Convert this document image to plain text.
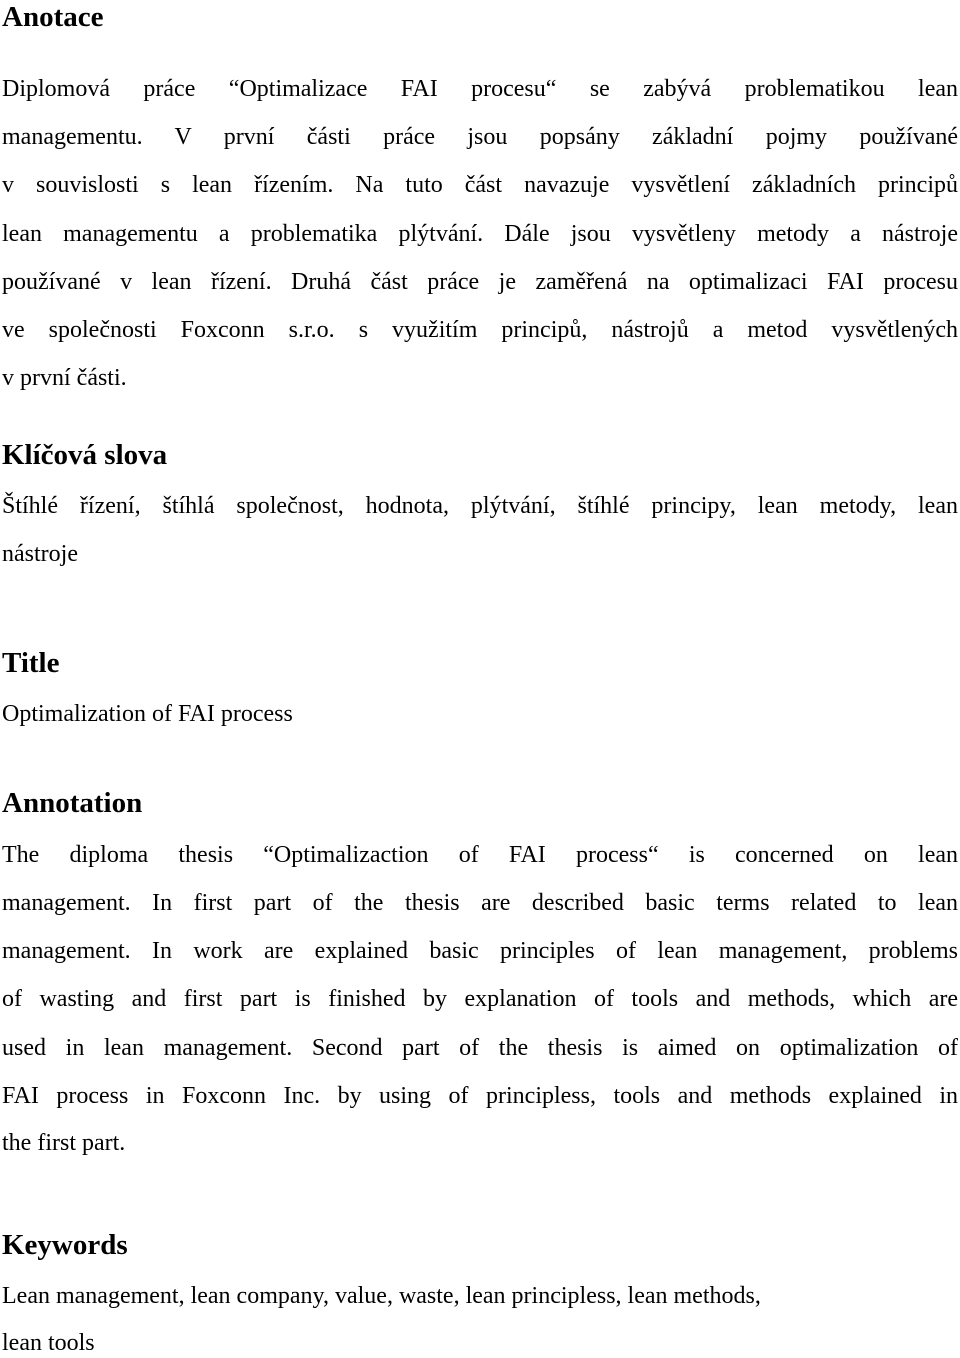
Anotace
Diplomová práce “Optimalizace FAI procesu“ se zabývá problematikou lean
managementu. V první části práce jsou popsány základní pojmy používané
v souvislosti s lean řízením. Na tuto část navazuje vysvětlení základních principů
lean managementu a problematika plýtvání. Dále jsou vysvětleny metody a nástroje
používané v lean řízení. Druhá část práce je zaměřená na optimalizaci FAI procesu
ve společnosti Foxconn s.r.o. s využitím principů, nástrojů a metod vysvětlených
v první části.
Klíčová slova
Štíhlé řízení, štíhlá společnost, hodnota, plýtvání, štíhlé principy, lean metody, lean
nástroje
Title
Optimalization of FAI process
Annotation
The diploma thesis “Optimalizaction of FAI process“ is concerned on lean
management. In first part of the thesis are described basic terms related to lean
management. In work are explained basic principles of lean management, problems
of wasting and first part is finished by explanation of tools and methods, which are
used in lean management. Second part of the thesis is aimed on optimalization of
FAI process in Foxconn Inc. by using of principless, tools and methods explained in
the first part.
Keywords
Lean management, lean company, value, waste, lean principless, lean methods,
lean tools
